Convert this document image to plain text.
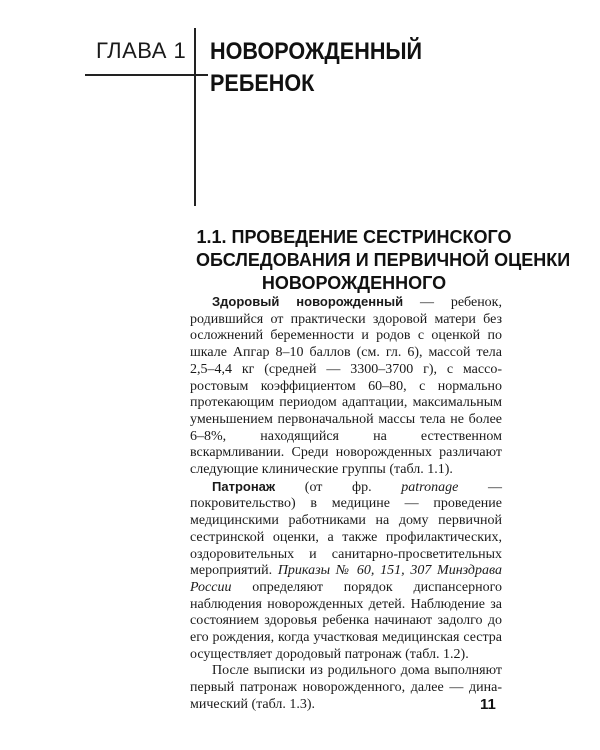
ГЛАВА 1 НОВОРОЖДЕННЫЙ
РЕБЕНОК
1.1. ПРОВЕДЕНИЕ СЕСТРИНСКОГО
ОБСЛЕДОВАНИЯ И ПЕРВИЧНОЙ ОЦЕНКИ
НОВОРОЖДЕННОГО

Здоровый новорожденный — ребенок, родившийся от практически здоровой матери без осложнений беременности и родов с оценкой по шкале Апгар 8–10 баллов (см. гл. 6), массой тела 2,5–4,4 кг (средней — 3300–3700 г), с массо-ростовым коэффициентом 60–80, с нормально протекающим периодом адаптации, максимальным уменьшением первоначальной массы тела не более 6–8%, находящийся на естественном вскармливании. Среди новорожденных различают следующие клинические группы (табл. 1.1).

Патронаж (от фр. patronage — покровительство) в медицине — проведение медицинскими работниками на дому первичной сестринской оценки, а также профилактических, оздоровительных и санитарно-просветительных мероприятий. Приказы № 60, 151, 307 Минздрава России определяют порядок диспансерного наблюдения новорожденных детей. Наблюдение за состоянием здоровья ребенка начинают задолго до его рождения, когда участковая медицинская сестра осуществляет дородовый патронаж (табл. 1.2).

После выписки из родильного дома выполняют первый патронаж новорожденного, далее — динамический (табл. 1.3).	11
